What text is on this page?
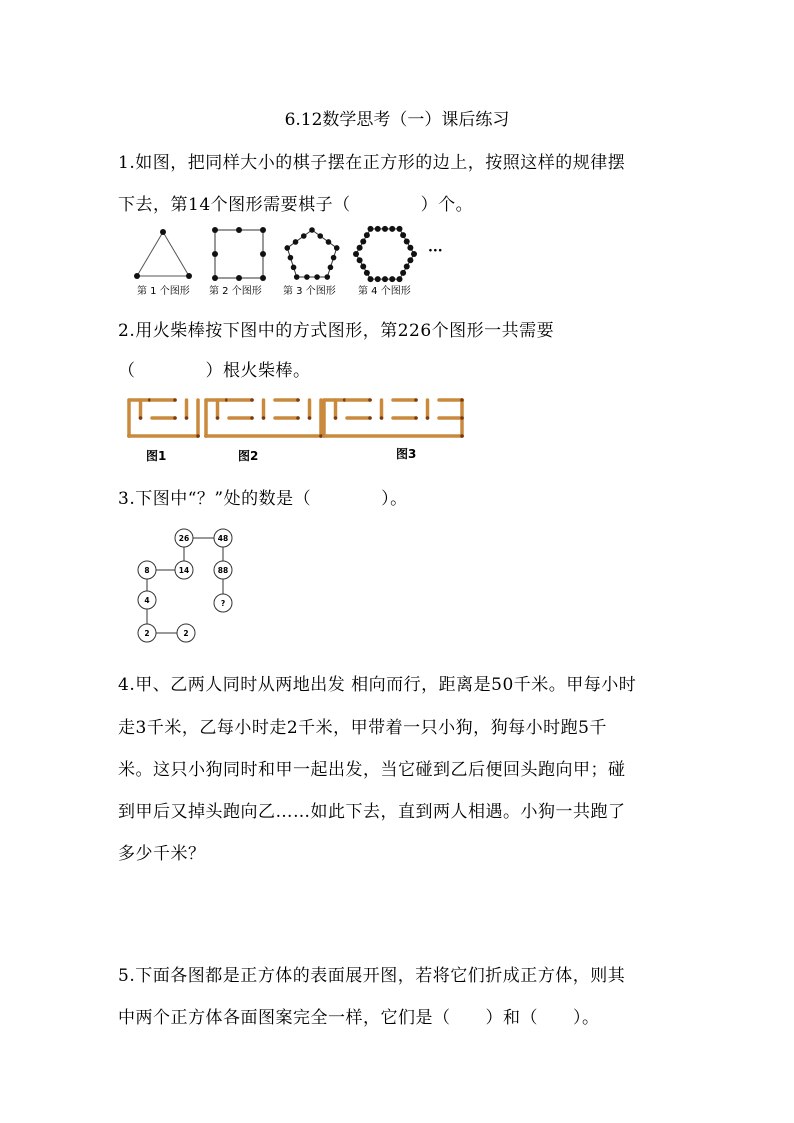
6.12数学思考（一）课后练习
1.如图，把同样大小的棋子摆在正方形的边上，按照这样的规律摆
下去，第14个图形需要棋子（　　　　）个。
···
第 1 个图形 第 2 个图形 第 3 个图形 第 4 个图形
2.用火柴棒按下图中的方式图形，第226个图形一共需要
（　　　　）根火柴棒。
图1	图2	图3
3.下图中“？”处的数是（　　　　）。
26	48
8	14	88
4	?
2	2
4.甲、乙两人同时从两地出发 相向而行，距离是50千米。甲每小时
走3千米，乙每小时走2千米，甲带着一只小狗，狗每小时跑5千
米。这只小狗同时和甲一起出发，当它碰到乙后便回头跑向甲；碰
到甲后又掉头跑向乙……如此下去，直到两人相遇。小狗一共跑了
多少千米？
5.下面各图都是正方体的表面展开图，若将它们折成正方体，则其
中两个正方体各面图案完全一样，它们是（　　）和（　　）。
